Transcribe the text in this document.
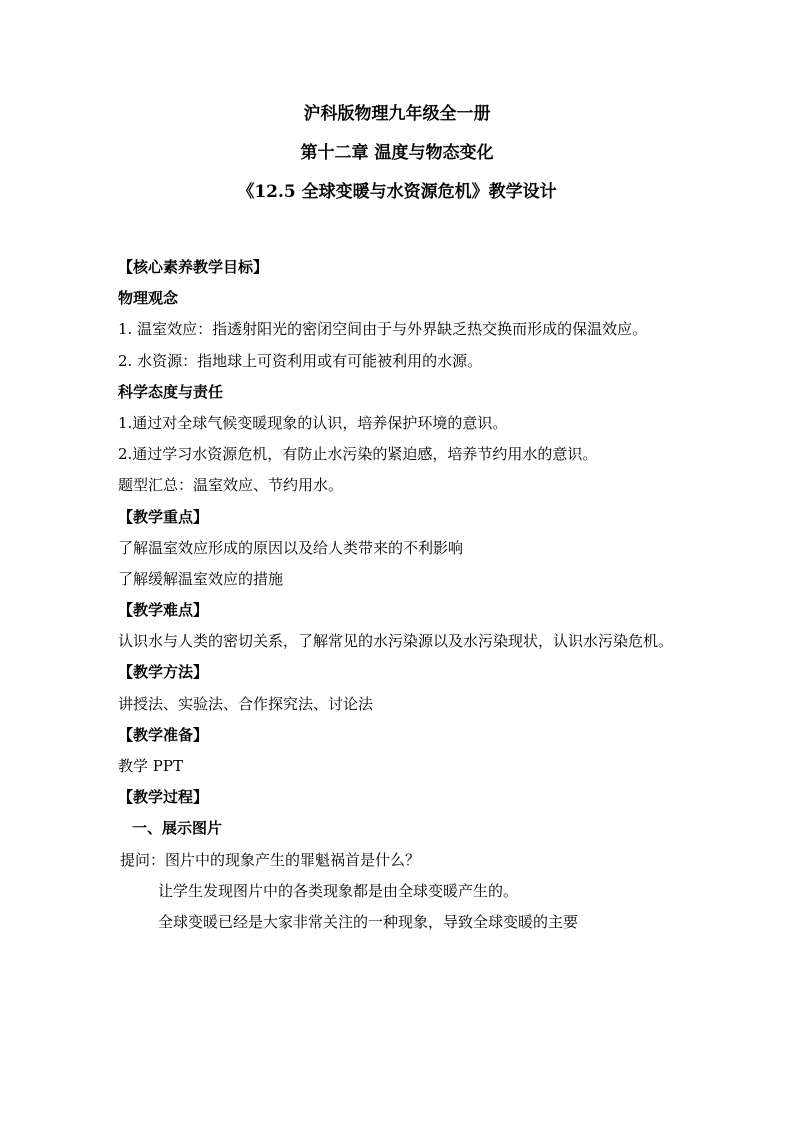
沪科版物理九年级全一册
第十二章 温度与物态变化
《12.5 全球变暖与水资源危机》教学设计

【核心素养教学目标】

物理观念

1. 温室效应：指透射阳光的密闭空间由于与外界缺乏热交换而形成的保温效应。

2. 水资源：指地球上可资利用或有可能被利用的水源。

科学态度与责任

1.通过对全球气候变暖现象的认识，培养保护环境的意识。

2.通过学习水资源危机，有防止水污染的紧迫感，培养节约用水的意识。

题型汇总：温室效应、节约用水。

【教学重点】

了解温室效应形成的原因以及给人类带来的不利影响

了解缓解温室效应的措施

【教学难点】

认识水与人类的密切关系，了解常见的水污染源以及水污染现状，认识水污染危机。

【教学方法】

讲授法、实验法、合作探究法、讨论法

【教学准备】

教学 PPT

【教学过程】

一、展示图片

提问：图片中的现象产生的罪魁祸首是什么？

让学生发现图片中的各类现象都是由全球变暖产生的。

全球变暖已经是大家非常关注的一种现象，导致全球变暖的主要
